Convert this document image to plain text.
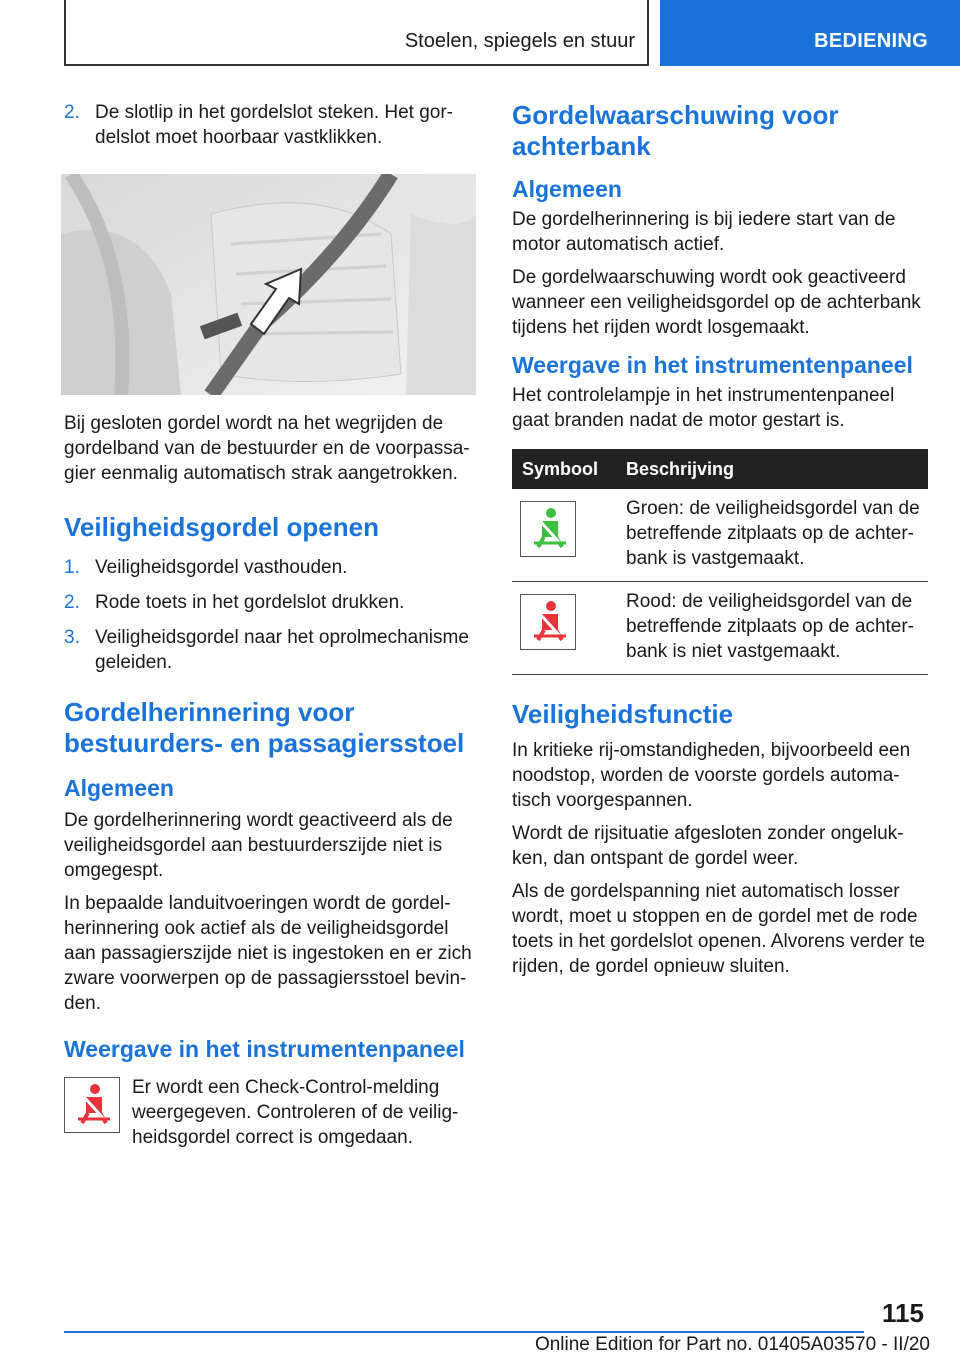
Stoelen, spiegels en stuur	BEDIENING
2. De slotlip in het gordelslot steken. Het gor-delslot moet hoorbaar vastklikken.

Bij gesloten gordel wordt na het wegrijden de gordelband van de bestuurder en de voorpassa-gier eenmalig automatisch strak aangetrokken.

Veiligheidsgordel openen
1. Veiligheidsgordel vasthouden.
2. Rode toets in het gordelslot drukken.
3. Veiligheidsgordel naar het oprolmechanisme geleiden.
Gordelherinnering voor bestuurders- en passagiersstoel
Algemeen

De gordelherinnering wordt geactiveerd als de veiligheidsgordel aan bestuurderszijde niet is omgegespt.

In bepaalde landuitvoeringen wordt de gordel-herinnering ook actief als de veiligheidsgordel aan passagierszijde niet is ingestoken en er zich zware voorwerpen op de passagiersstoel bevin-den.

Weergave in het instrumentenpaneel

Er wordt een Check-Control-melding weergegeven. Controleren of de veilig-heidsgordel correct is omgedaan.

Gordelwaarschuwing voor achterbank
Algemeen

De gordelherinnering is bij iedere start van de motor automatisch actief.

De gordelwaarschuwing wordt ook geactiveerd wanneer een veiligheidsgordel op de achterbank tijdens het rijden wordt losgemaakt.

Weergave in het instrumentenpaneel

Het controlelampje in het instrumentenpaneel gaat branden nadat de motor gestart is.

Symbool	Beschrijving

	Groen: de veiligheidsgordel van de betreffende zitplaats op de achter-bank is vastgemaakt.

	Rood: de veiligheidsgordel van de betreffende zitplaats op de achter-bank is niet vastgemaakt.
Veiligheidsfunctie

In kritieke rij-omstandigheden, bijvoorbeeld een noodstop, worden de voorste gordels automa-tisch voorgespannen.

Wordt de rijsituatie afgesloten zonder ongeluk-ken, dan ontspant de gordel weer.

Als de gordelspanning niet automatisch losser wordt, moet u stoppen en de gordel met de rode toets in het gordelslot openen. Alvorens verder te rijden, de gordel opnieuw sluiten.

115
Online Edition for Part no. 01405A03570 - II/20
